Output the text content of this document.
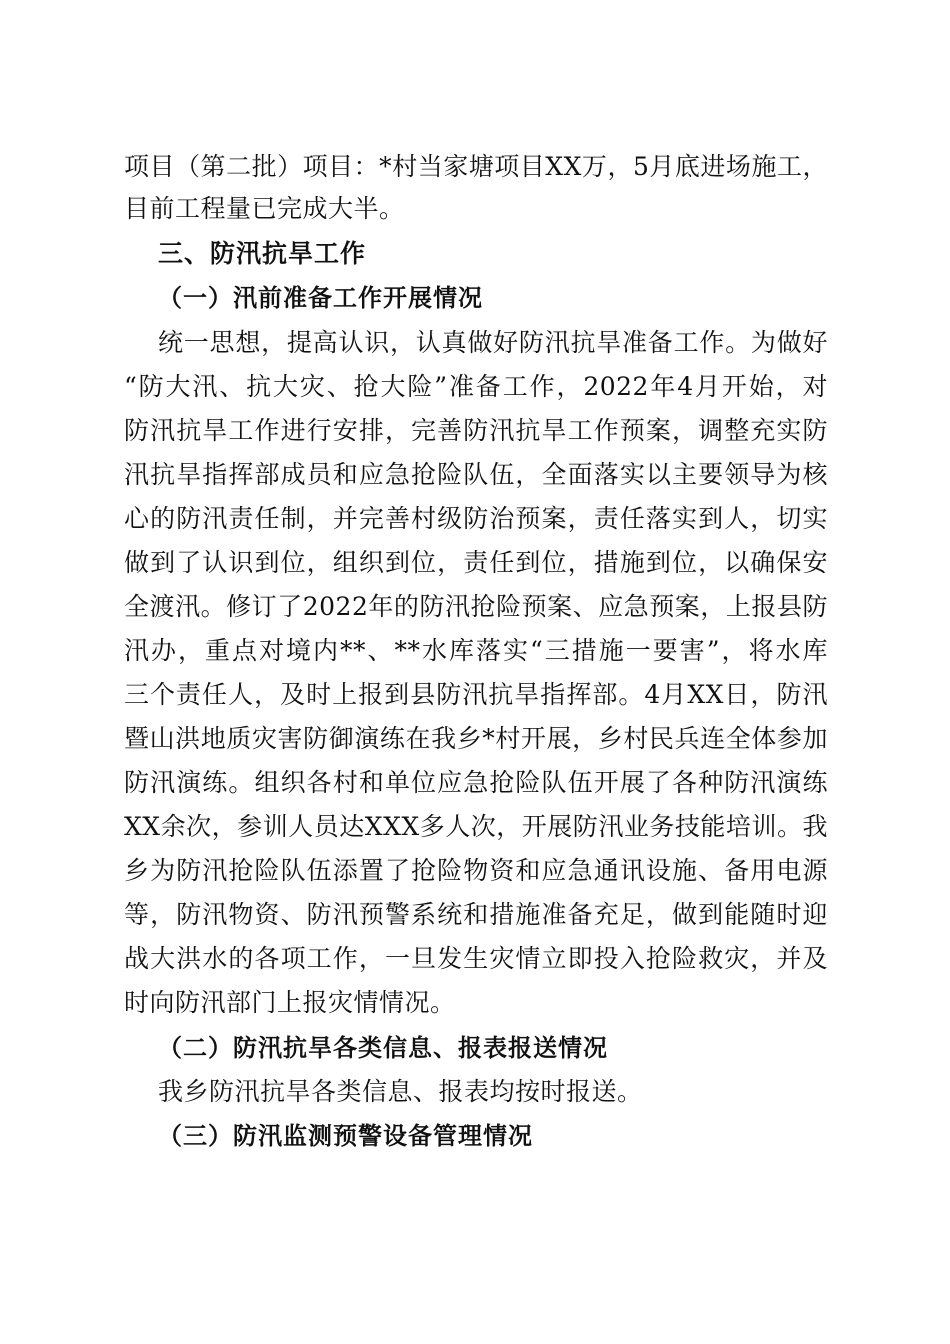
项目（第二批）项目：*村当家塘项目XX万，5月底进场施工，
目前工程量已完成大半。
三、防汛抗旱工作
（一）汛前准备工作开展情况
统一思想，提高认识，认真做好防汛抗旱准备工作。为做好
“防大汛、抗大灾、抢大险”准备工作，2022年4月开始，对
防汛抗旱工作进行安排，完善防汛抗旱工作预案，调整充实防
汛抗旱指挥部成员和应急抢险队伍，全面落实以主要领导为核
心的防汛责任制，并完善村级防治预案，责任落实到人，切实
做到了认识到位，组织到位，责任到位，措施到位，以确保安
全渡汛。修订了2022年的防汛抢险预案、应急预案，上报县防
汛办，重点对境内**、**水库落实“三措施一要害”，将水库
三个责任人，及时上报到县防汛抗旱指挥部。4月XX日，防汛
暨山洪地质灾害防御演练在我乡*村开展，乡村民兵连全体参加
防汛演练。组织各村和单位应急抢险队伍开展了各种防汛演练
XX余次，参训人员达XXX多人次，开展防汛业务技能培训。我
乡为防汛抢险队伍添置了抢险物资和应急通讯设施、备用电源
等，防汛物资、防汛预警系统和措施准备充足，做到能随时迎
战大洪水的各项工作，一旦发生灾情立即投入抢险救灾，并及
时向防汛部门上报灾情情况。
（二）防汛抗旱各类信息、报表报送情况
我乡防汛抗旱各类信息、报表均按时报送。
（三）防汛监测预警设备管理情况
